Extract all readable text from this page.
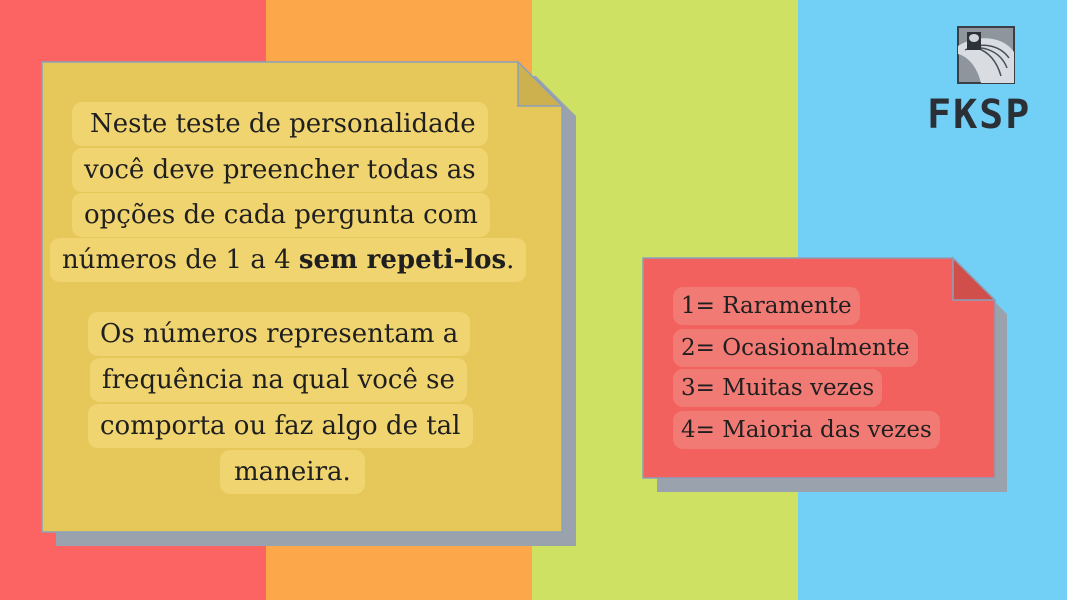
Neste teste de personalidade
você deve preencher todas as
opções de cada pergunta com
números de 1 a 4 sem repeti-los.
Os números representam a
frequência na qual você se
comporta ou faz algo de tal
maneira.
1= Raramente
2= Ocasionalmente
3= Muitas vezes
4= Maioria das vezes
FKSP
